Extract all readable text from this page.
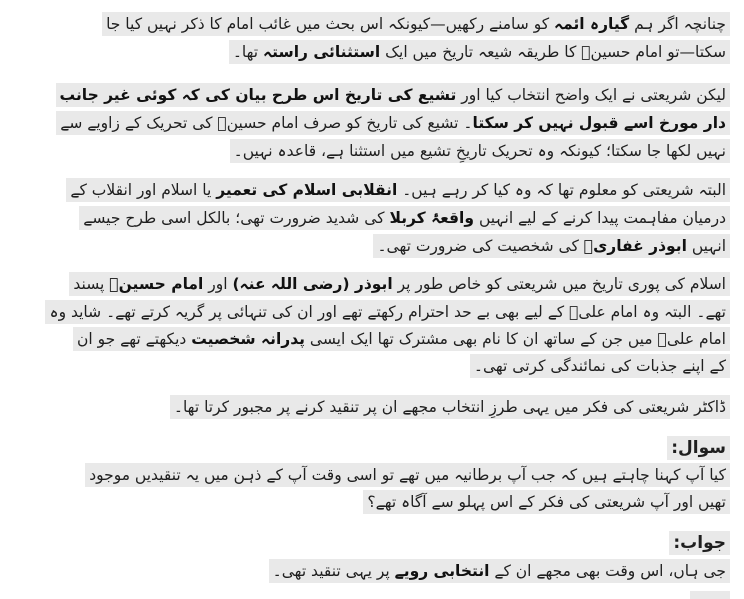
چنانچہ اگر ہم گیارہ ائمہ کو سامنے رکھیں—کیونکہ اس بحث میں غائب امام کا ذکر نہیں کیا جا
سکتا—تو امام حسینؑ کا طریقہ شیعہ تاریخ میں ایک استثنائی راستہ تھا۔
لیکن شریعتی نے ایک واضح انتخاب کیا اور تشیع کی تاریخ اس طرح بیان کی کہ کوئی غیر جانب
دار مورخ اسے قبول نہیں کر سکتا۔ تشیع کی تاریخ کو صرف امام حسینؑ کی تحریک کے زاویے سے
نہیں لکھا جا سکتا؛ کیونکہ وہ تحریک تاریخِ تشیع میں استثنا ہے، قاعدہ نہیں۔
البتہ شریعتی کو معلوم تھا کہ وہ کیا کر رہے ہیں۔ انقلابی اسلام کی تعمیر یا اسلام اور انقلاب کے
درمیان مفاہمت پیدا کرنے کے لیے انہیں واقعۂ کربلا کی شدید ضرورت تھی؛ بالکل اسی طرح جیسے
انہیں ابوذر غفاریؓ کی شخصیت کی ضرورت تھی۔
اسلام کی پوری تاریخ میں شریعتی کو خاص طور پر ابوذر (رضی اللہ عنہ) اور امام حسینؑ پسند
تھے۔ البتہ وہ امام علیؑ کے لیے بھی بے حد احترام رکھتے تھے اور ان کی تنہائی پر گریہ کرتے تھے۔ شاید وہ
امام علیؑ میں جن کے ساتھ ان کا نام بھی مشترک تھا ایک ایسی پدرانہ شخصیت دیکھتے تھے جو ان
کے اپنے جذبات کی نمائندگی کرتی تھی۔
ڈاکٹر شریعتی کی فکر میں یہی طرزِ انتخاب مجھے ان پر تنقید کرنے پر مجبور کرتا تھا۔
سوال:
کیا آپ کہنا چاہتے ہیں کہ جب آپ برطانیہ میں تھے تو اسی وقت آپ کے ذہن میں یہ تنقیدیں موجود
تھیں اور آپ شریعتی کی فکر کے اس پہلو سے آگاہ تھے؟
جواب:
جی ہاں، اس وقت بھی مجھے ان کے انتخابی رویے پر یہی تنقید تھی۔
